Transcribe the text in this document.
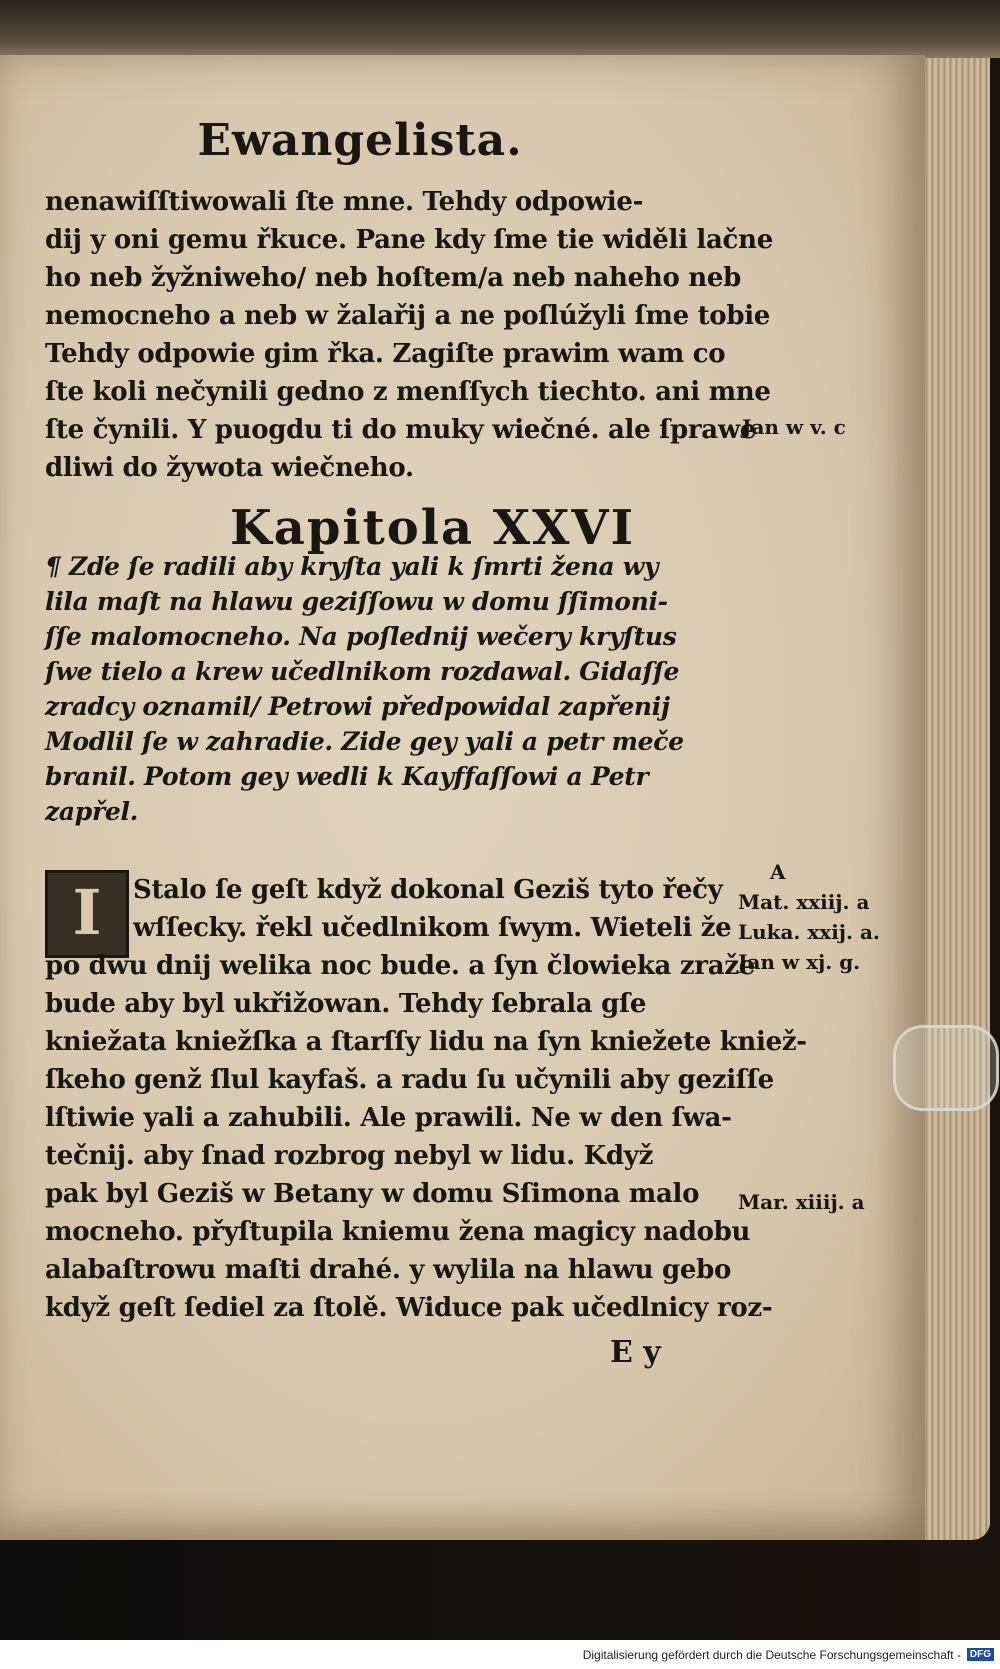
Ewangelista.
nenawiſſtiwowali ſte mne. Tehdy odpowie-
dij y oni gemu řkuce. Pane kdy ſme tie widěli lačne
ho neb žyžniweho/ neb hoſtem/a neb naheho neb
nemocneho a neb w žalařij a ne poſlúžyli ſme tobie
Tehdy odpowie gim řka. Zagiſte prawim wam co
ſte koli nečynili gedno z menſſych tiechto. ani mne
ſte čynili. Y puogdu ti do muky wiečné. ale ſprawe
dliwi do žywota wiečneho.
Kapitola XXVI
¶ Zďe ſe radili aby kryſta yali k ſmrti žena wy
lila maſt na hlawu geziſſowu w domu ſſimoni-
ſſe malomocneho. Na poſlednij wečery kryſtus
ſwe tielo a krew učedlnikom rozdawal. Gidaſſe
zradcy oznamil/ Petrowi předpowidal zapřenij
Modlil ſe w zahradie. Zide gey yali a petr meče
branil. Potom gey wedli k Kayffaſſowi a Petr
zapřel.
I	Stalo ſe geſt když dokonal Geziš tyto řečy
wſſecky. řekl učedlnikom ſwym. Wieteli že
po dwu dnij welika noc bude. a ſyn člowieka zraže
bude aby byl ukřižowan. Tehdy ſebrala gſe
kniežata kniežſka a ſtarſſy lidu na ſyn kniežete kniež-
ſkeho genž ſlul kayfaš. a radu ſu učynili aby geziſſe
lſtiwie yali a zahubili. Ale prawili. Ne w den ſwa-
tečnij. aby ſnad rozbrog nebyl w lidu. Když
pak byl Geziš w Betany w domu Sſimona malo
mocneho. přyſtupila kniemu žena magicy nadobu
alabaſtrowu maſti drahé. y wylila na hlawu gebo
když geſt ſediel za ſtolě. Widuce pak učedlnicy roz-
Jan w v. c
A
Mat. xxiij. a
Luka. xxij. a.
Jan w xj. g.
Mar. xiiij. a
E y
Digitalisierung gefördert durch die Deutsche Forschungsgemeinschaft - DFG
